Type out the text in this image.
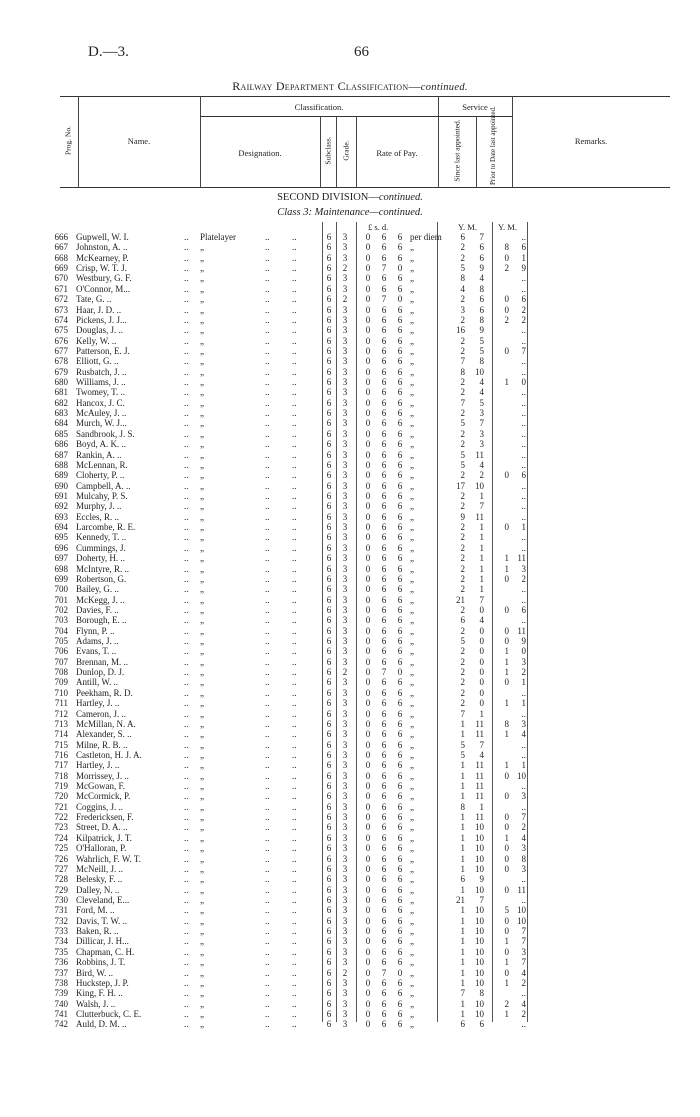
D.—3.	66
Railway Department Classification—continued.
Prog. No.	Name.
Classification.
Designation.	Subclass. Grade.	Rate of Pay.
Service
Since last appointed.	Prior to Date last appointed.	Remarks.
SECOND DIVISION—continued.
Class 3: Maintenance—continued.
£ s. d.	Y. M. Y. M.
666 Gupwell, W. I.	.. Platelayer	..	..	6 3 0 6 6 per diem	6	7	..
667 Johnston, A. ..	.. „	..	..	6 3 0 6 6 „	2	6	8	6
668 McKearney, P.	.. „	..	..	6 3 0 6 6 „	2	6	0	1
669 Crisp, W. T. J.	.. „	..	..	6 2 0 7 0 „	5	9	2	9
670 Westbury, G. F.	.. „	..	..	6 3 0 6 6 „	8	4	..
671 O'Connor, M...	.. „	..	..	6 3 0 6 6 „	4	8	..
672 Tate, G. ..	.. „	..	..	6 2 0 7 0 „	2	6	0	6
673 Haar, J. D. ..	.. „	..	..	6 3 0 6 6 „	3	6	0	2
674 Pickens, J. J...	.. „	..	..	6 3 0 6 6 „	2	8	2	2
675 Douglas, J. ..	.. „	..	..	6 3 0 6 6 „	16	9	..
676 Kelly, W. ..	.. „	..	..	6 3 0 6 6 „	2	5	..
677 Patterson, E. J.	.. „	..	..	6 3 0 6 6 „	2	5	0	7
678 Elliott, G. ..	.. „	..	..	6 3 0 6 6 „	7	8	..
679 Rusbatch, J. ..	.. „	..	..	6 3 0 6 6 „	8	10	..
680 Williams, J. ..	.. „	..	..	6 3 0 6 6 „	2	4	1	0
681 Twomey, T. ..	.. „	..	..	6 3 0 6 6 „	2	4	..
682 Hancox, J. C.	.. „	..	..	6 3 0 6 6 „	7	5	..
683 McAuley, J. ..	.. „	..	..	6 3 0 6 6 „	2	3	..
684 Murch, W. J...	.. „	..	..	6 3 0 6 6 „	5	7	..
685 Sandbrook, J. S.	.. „	..	..	6 3 0 6 6 „	2	3	..
686 Boyd, A. K. ..	.. „	..	..	6 3 0 6 6 „	2	3	..
687 Rankin, A. ..	.. „	..	..	6 3 0 6 6 „	5	11	..
688 McLennan, R.	.. „	..	..	6 3 0 6 6 „	5	4	..
689 Cloherty, P. ..	.. „	..	..	6 3 0 6 6 „	2	2	0	6
690 Campbell, A. ..	.. „	..	..	6 3 0 6 6 „	17	10	..
691 Mulcahy, P. S.	.. „	..	..	6 3 0 6 6 „	2	1	..
692 Murphy, J. ..	.. „	..	..	6 3 0 6 6 „	2	7	..
693 Eccles, R. ..	.. „	..	..	6 3 0 6 6 „	9	11	..
694 Larcombe, R. E.	.. „	..	..	6 3 0 6 6 „	2	1	0	1
695 Kennedy, T. ..	.. „	..	..	6 3 0 6 6 „	2	1	..
696 Cummings, J.	.. „	..	..	6 3 0 6 6 „	2	1	..
697 Doherty, H. ..	.. „	..	..	6 3 0 6 6 „	2	1	1 11
698 McIntyre, R. ..	.. „	..	..	6 3 0 6 6 „	2	1	1	3
699 Robertson, G.	.. „	..	..	6 3 0 6 6 „	2	1	0	2
700 Bailey, G. ..	.. „	..	..	6 3 0 6 6 „	2	1	..
701 McKegg, J. ..	.. „	..	..	6 3 0 6 6 „	21	7	..
702 Davies, F. ..	.. „	..	..	6 3 0 6 6 „	2	0	0	6
703 Borough, E. ..	.. „	..	..	6 3 0 6 6 „	6	4	..
704 Flynn, P. ..	.. „	..	..	6 3 0 6 6 „	2	0	0 11
705 Adams, J. ..	.. „	..	..	6 3 0 6 6 „	5	0	0	9
706 Evans, T. ..	.. „	..	..	6 3 0 6 6 „	2	0	1	0
707 Brennan, M. ..	.. „	..	..	6 3 0 6 6 „	2	0	1	3
708 Dunlop, D. J.	.. „	..	..	6 2 0 7 0 „	2	0	1	2
709 Antill, W. ..	.. „	..	..	6 3 0 6 6 „	2	0	0	1
710 Peekham, R. D.	.. „	..	..	6 3 0 6 6 „	2	0	..
711 Hartley, J. ..	.. „	..	..	6 3 0 6 6 „	2	0	1	1
712 Cameron, J. ..	.. „	..	..	6 3 0 6 6 „	7	1	..
713 McMillan, N. A.	.. „	..	..	6 3 0 6 6 „	1	11	8	3
714 Alexander, S. ..	.. „	..	..	6 3 0 6 6 „	1	11	1	4
715 Milne, R. B. ..	.. „	..	..	6 3 0 6 6 „	5	7	..
716 Castleton, H. J. A.	.. „	..	..	6 3 0 6 6 „	5	4	..
717 Hartley, J. ..	.. „	..	..	6 3 0 6 6 „	1	11	1	1
718 Morrissey, J. ..	.. „	..	..	6 3 0 6 6 „	1	11	0 10
719 McGowan, F.	.. „	..	..	6 3 0 6 6 „	1	11	..
720 McCormick, P.	.. „	..	..	6 3 0 6 6 „	1	11	0	3
721 Coggins, J. ..	.. „	..	..	6 3 0 6 6 „	8	1	..
722 Fredericksen, F.	.. „	..	..	6 3 0 6 6 „	1	11	0	7
723 Street, D. A. ..	.. „	..	..	6 3 0 6 6 „	1	10	0	2
724 Kilpatrick, J. T.	.. „	..	..	6 3 0 6 6 „	1	10	1	4
725 O'Halloran, P.	.. „	..	..	6 3 0 6 6 „	1	10	0	3
726 Wahrlich, F. W. T.	.. „	..	..	6 3 0 6 6 „	1	10	0	8
727 McNeill, J. ..	.. „	..	..	6 3 0 6 6 „	1	10	0	3
728 Belesky, F. ..	.. „	..	..	6 3 0 6 6 „	6	9	..
729 Dalley, N. ..	.. „	..	..	6 3 0 6 6 „	1	10	0 11
730 Cleveland, E...	.. „	..	..	6 3 0 6 6 „	21	7	..
731 Ford, M. ..	.. „	..	..	6 3 0 6 6 „	1	10	5 10
732 Davis, T. W. ..	.. „	..	..	6 3 0 6 6 „	1	10	0 10
733 Baken, R. ..	.. „	..	..	6 3 0 6 6 „	1	10	0	7
734 Dillicar, J. H...	.. „	..	..	6 3 0 6 6 „	1	10	1	7
735 Chapman, C. H.	.. „	..	..	6 3 0 6 6 „	1	10	0	3
736 Robbins, J. T.	.. „	..	..	6 3 0 6 6 „	1	10	1	7
737 Bird, W. ..	.. „	..	..	6 2 0 7 0 „	1	10	0	4
738 Huckstep, J. P.	.. „	..	..	6 3 0 6 6 „	1	10	1	2
739 King, F. H. ..	.. „	..	..	6 3 0 6 6 „	7	8	..
740 Walsh, J. ..	.. „	..	..	6 3 0 6 6 „	1	10	2	4
741 Clutterbuck, C. E.	.. „	..	..	6 3 0 6 6 „	1	10	1	2
742 Auld, D. M. ..	.. „	..	..	6 3 0 6 6 „	6	6	..
